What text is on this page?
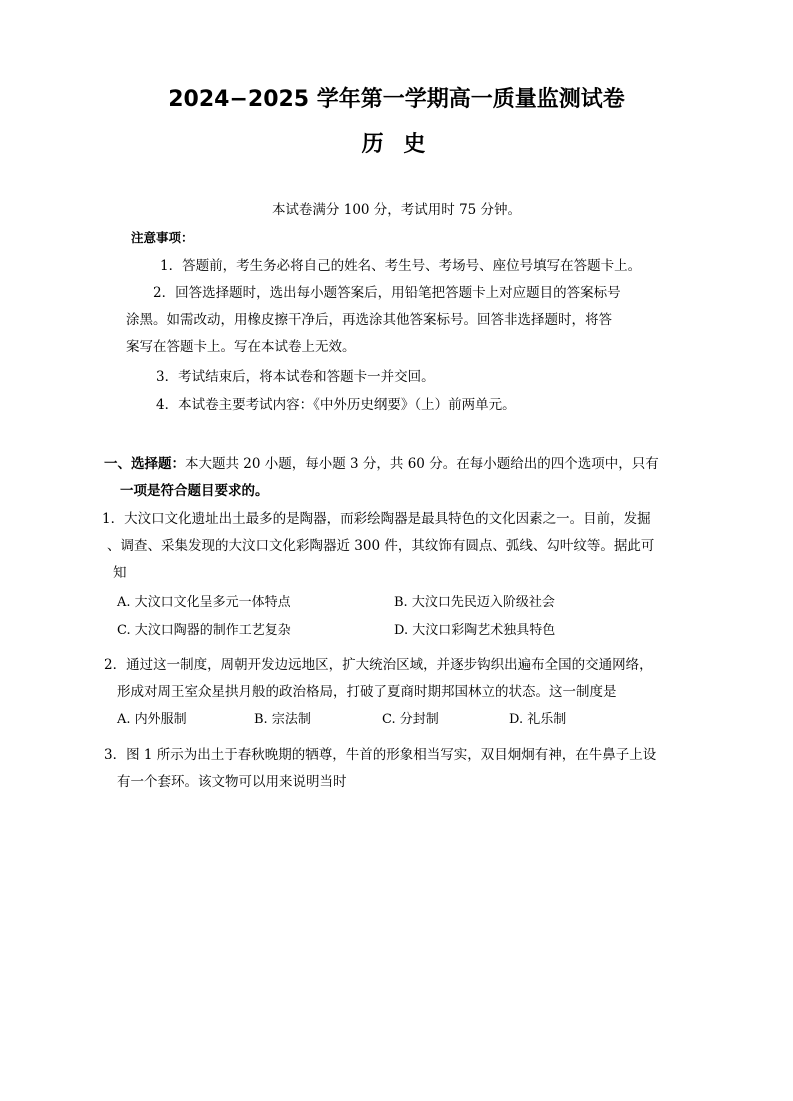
2024−2025 学年第一学期高一质量监测试卷
历 史
本试卷满分 100 分，考试用时 75 分钟。
注意事项：
1．答题前，考生务必将自己的姓名、考生号、考场号、座位号填写在答题卡上。
2．回答选择题时，选出每小题答案后，用铅笔把答题卡上对应题目的答案标号
涂黑。如需改动，用橡皮擦干净后，再选涂其他答案标号。回答非选择题时，将答
案写在答题卡上。写在本试卷上无效。
3．考试结束后，将本试卷和答题卡一并交回。
4．本试卷主要考试内容：《中外历史纲要》（上）前两单元。
一、选择题：本大题共 20 小题，每小题 3 分，共 60 分。在每小题给出的四个选项中，只有
一项是符合题目要求的。
1．大汶口文化遗址出土最多的是陶器，而彩绘陶器是最具特色的文化因素之一。目前，发掘
、调查、采集发现的大汶口文化彩陶器近 300 件，其纹饰有圆点、弧线、勾叶纹等。据此可
知
A. 大汶口文化呈多元一体特点	B. 大汶口先民迈入阶级社会
C. 大汶口陶器的制作工艺复杂	D. 大汶口彩陶艺术独具特色
2．通过这一制度，周朝开发边远地区，扩大统治区域，并逐步钩织出遍布全国的交通网络，
形成对周王室众星拱月般的政治格局，打破了夏商时期邦国林立的状态。这一制度是
A. 内外服制	B. 宗法制	C. 分封制	D. 礼乐制
3．图 1 所示为出土于春秋晚期的牺尊，牛首的形象相当写实，双目炯炯有神，在牛鼻子上设
有一个套环。该文物可以用来说明当时
